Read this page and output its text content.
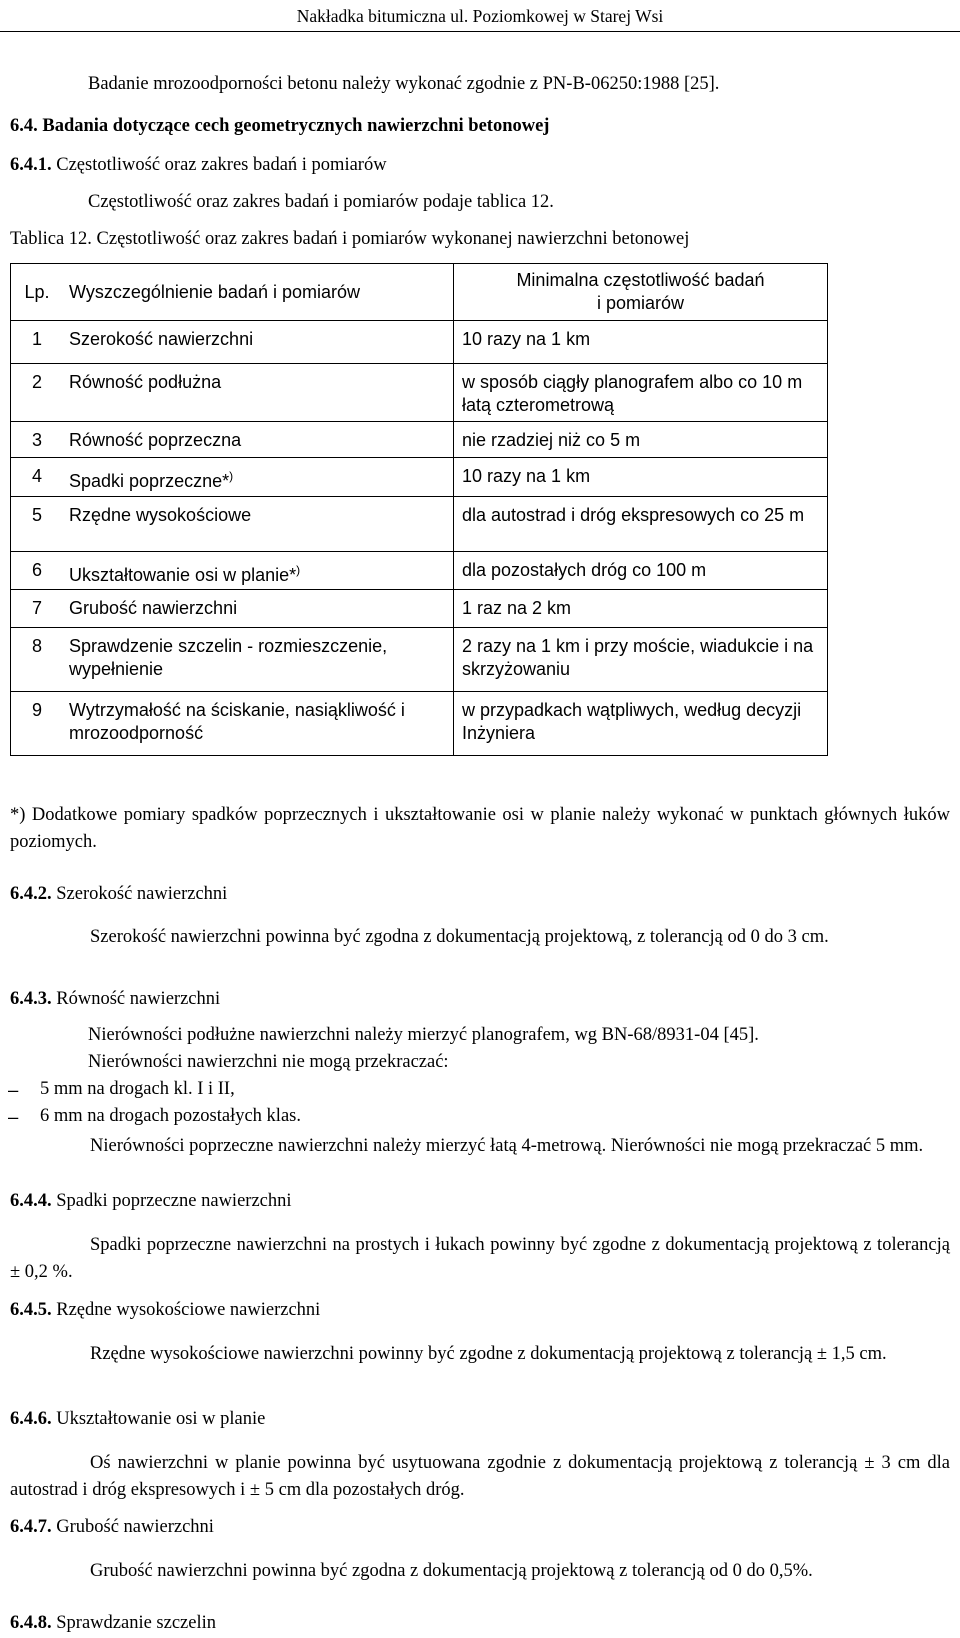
Nakładka bitumiczna ul. Poziomkowej w Starej Wsi
Badanie mrozoodporności betonu należy wykonać zgodnie z PN-B-06250:1988 [25].
6.4. Badania dotyczące cech geometrycznych nawierzchni betonowej
6.4.1. Częstotliwość oraz zakres badań i pomiarów
Częstotliwość oraz zakres badań i pomiarów podaje tablica 12.
Tablica 12. Częstotliwość oraz zakres badań i pomiarów wykonanej nawierzchni betonowej
Lp.	Wyszczególnienie badań i pomiarów	Minimalna częstotliwość badań
i pomiarów

1	Szerokość nawierzchni	10 razy na 1 km
2	Równość podłużna	w sposób ciągły planografem albo co 10 m łatą czterometrową
3	Równość poprzeczna	nie rzadziej niż co 5 m
4	Spadki poprzeczne*)	10 razy na 1 km
5	Rzędne wysokościowe	dla autostrad i dróg ekspresowych co 25 m
6	Ukształtowanie osi w planie*)	dla pozostałych dróg co 100 m
7	Grubość nawierzchni	1 raz na 2 km
8	Sprawdzenie szczelin - rozmieszczenie, wypełnienie	2 razy na 1 km i przy moście, wiadukcie i na skrzyżowaniu
9	Wytrzymałość na ściskanie, nasiąkliwość i mrozoodporność	w przypadkach wątpliwych, według decyzji Inżyniera
*) Dodatkowe pomiary spadków poprzecznych i ukształtowanie osi w planie należy wykonać w punktach głównych łuków poziomych.
6.4.2. Szerokość nawierzchni
Szerokość nawierzchni powinna być zgodna z dokumentacją projektową, z tolerancją od 0 do 3 cm.
6.4.3. Równość nawierzchni
Nierówności podłużne nawierzchni należy mierzyć planografem, wg BN-68/8931-04 [45].
Nierówności nawierzchni nie mogą przekraczać:
– 5 mm na drogach kl. I i II,
– 6 mm na drogach pozostałych klas.
Nierówności poprzeczne nawierzchni należy mierzyć łatą 4-metrową. Nierówności nie mogą przekraczać 5 mm.
6.4.4. Spadki poprzeczne nawierzchni
Spadki poprzeczne nawierzchni na prostych i łukach powinny być zgodne z dokumentacją projektową z tolerancją ± 0,2 %.
6.4.5. Rzędne wysokościowe nawierzchni
Rzędne wysokościowe nawierzchni powinny być zgodne z dokumentacją projektową z tolerancją ± 1,5 cm.
6.4.6. Ukształtowanie osi w planie
Oś nawierzchni w planie powinna być usytuowana zgodnie z dokumentacją projektową z tolerancją ± 3 cm dla autostrad i dróg ekspresowych i ± 5 cm dla pozostałych dróg.
6.4.7. Grubość nawierzchni
Grubość nawierzchni powinna być zgodna z dokumentacją projektową z tolerancją od 0 do 0,5%.
6.4.8. Sprawdzanie szczelin
